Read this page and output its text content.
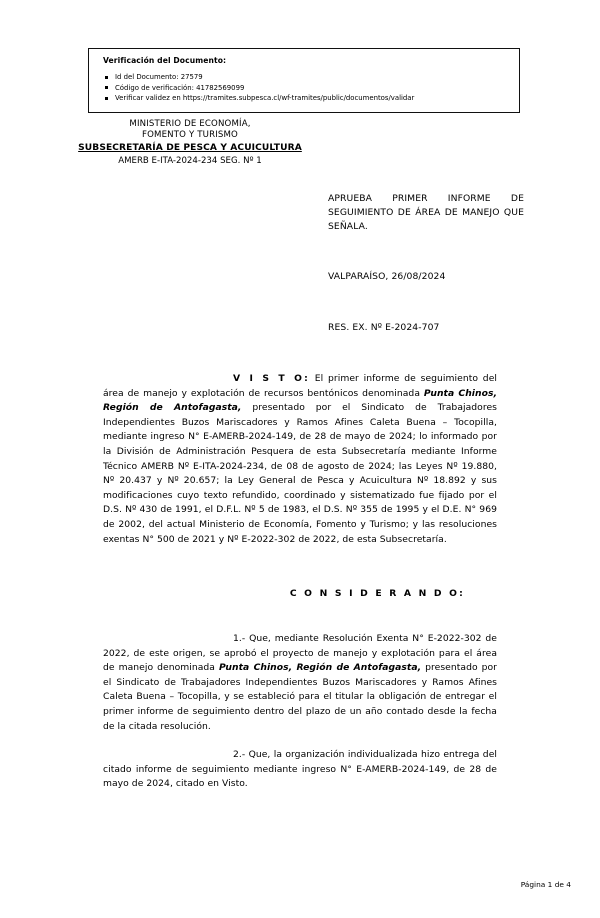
Verificación del Documento:
Id del Documento: 27579
Código de verificación: 41782569099
Verificar validez en https://tramites.subpesca.cl/wf-tramites/public/documentos/validar
MINISTERIO DE ECONOMÍA,
FOMENTO Y TURISMO
SUBSECRETARÍA DE PESCA Y ACUICULTURA
AMERB E-ITA-2024-234 SEG. Nº 1
APRUEBA PRIMER INFORME DE SEGUIMIENTO DE ÁREA DE MANEJO QUE SEÑALA.
VALPARAÍSO, 26/08/2024
RES. EX. Nº E-2024-707

V I S T O: El primer informe de seguimiento del área de manejo y explotación de recursos bentónicos denominada Punta Chinos, Región de Antofagasta, presentado por el Sindicato de Trabajadores Independientes Buzos Mariscadores y Ramos Afines Caleta Buena – Tocopilla, mediante ingreso N° E-AMERB-2024-149, de 28 de mayo de 2024; lo informado por la División de Administración Pesquera de esta Subsecretaría mediante Informe Técnico AMERB Nº E-ITA-2024-234, de 08 de agosto de 2024; las Leyes Nº 19.880, Nº 20.437 y Nº 20.657; la Ley General de Pesca y Acuicultura Nº 18.892 y sus modificaciones cuyo texto refundido, coordinado y sistematizado fue fijado por el D.S. Nº 430 de 1991, el D.F.L. Nº 5 de 1983, el D.S. Nº 355 de 1995 y el D.E. N° 969 de 2002, del actual Ministerio de Economía, Fomento y Turismo; y las resoluciones exentas N° 500 de 2021 y Nº E-2022-302 de 2022, de esta Subsecretaría.

C O N S I D E R A N D O:

1.- Que, mediante Resolución Exenta N° E-2022-302 de 2022, de este origen, se aprobó el proyecto de manejo y explotación para el área de manejo denominada Punta Chinos, Región de Antofagasta, presentado por el Sindicato de Trabajadores Independientes Buzos Mariscadores y Ramos Afines Caleta Buena – Tocopilla, y se estableció para el titular la obligación de entregar el primer informe de seguimiento dentro del plazo de un año contado desde la fecha de la citada resolución.

2.- Que, la organización individualizada hizo entrega del citado informe de seguimiento mediante ingreso N° E-AMERB-2024-149, de 28 de mayo de 2024, citado en Visto.

Página 1 de 4
